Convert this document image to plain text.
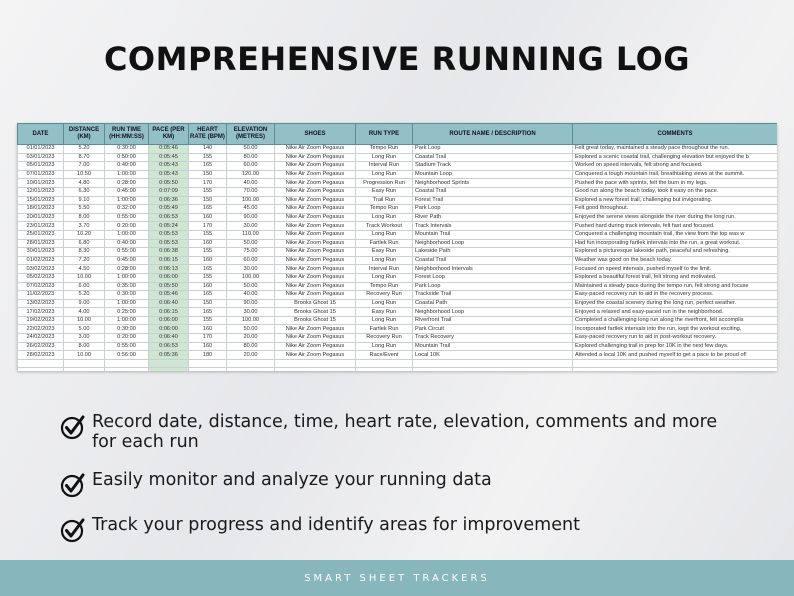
COMPREHENSIVE RUNNING LOG
DATE	DISTANCE (KM)	RUN TIME (HH:MM:SS)	PACE (PER KM)	HEART RATE (BPM)	ELEVATION (METRES)	SHOES	RUN TYPE	ROUTE NAME / DESCRIPTION	COMMENTS
01/01/2023	5.20	0:30:00	0:05:46	140	50.00	Nike Air Zoom Pegasus	Tempo Run	Park Loop	Felt great today, maintained a steady pace throughout the run.
03/01/2023	8.70	0:50:00	0:05:45	155	80.00	Nike Air Zoom Pegasus	Long Run	Coastal Trail	Explored a scenic coastal trail, challenging elevation but enjoyed the b
05/01/2023	7.00	0:40:00	0:05:43	165	60.00	Nike Air Zoom Pegasus	Interval Run	Stadium Track	Worked on speed intervals, felt strong and focused.
07/01/2023	10.50	1:00:00	0:05:43	150	120.00	Nike Air Zoom Pegasus	Long Run	Mountain Loop	Conquered a tough mountain trail, breathtaking views at the summit.
10/01/2023	4.80	0:28:00	0:05:50	170	40.00	Nike Air Zoom Pegasus	Progression Run	Neighborhood Sprints	Pushed the pace with sprints, felt the burn in my legs.
12/01/2023	6.30	0:45:00	0:07:09	155	70.00	Nike Air Zoom Pegasus	Easy Run	Coastal Trail	Good run along the beach today, took it easy on the pace.
15/01/2023	9.10	1:00:00	0:06:36	150	100.00	Nike Air Zoom Pegasus	Trail Run	Forest Trail	Explored a new forest trail, challenging but invigorating.
18/01/2023	5.50	0:32:00	0:05:49	165	45.00	Nike Air Zoom Pegasus	Tempo Run	Park Loop	Felt good throughout.
20/01/2023	8.00	0:55:00	0:06:53	160	90.00	Nike Air Zoom Pegasus	Long Run	River Path	Enjoyed the serene views alongside the river during the long run.
23/01/2023	3.70	0:20:00	0:05:24	170	30.00	Nike Air Zoom Pegasus	Track Workout	Track Intervals	Pushed hard during track intervals, felt fast and focused.
25/01/2023	10.20	1:00:00	0:05:53	155	110.00	Nike Air Zoom Pegasus	Long Run	Mountain Trail	Conquered a challenging mountain trail, the view from the top was w
28/01/2023	6.80	0:40:00	0:05:53	160	50.00	Nike Air Zoom Pegasus	Fartlek Run	Neighborhood Loop	Had fun incorporating fartlek intervals into the run, a great workout.
30/01/2023	8.30	0:55:00	0:06:38	155	75.00	Nike Air Zoom Pegasus	Easy Run	Lakeside Path	Explored a picturesque lakeside path, peaceful and refreshing.
01/02/2023	7.20	0:45:00	0:06:15	160	60.00	Nike Air Zoom Pegasus	Long Run	Coastal Trail	Weather was good on the beach today.
03/02/2023	4.50	0:28:00	0:06:13	165	30.00	Nike Air Zoom Pegasus	Interval Run	Neighborhood Intervals	Focused on speed intervals, pushed myself to the limit.
05/02/2023	10.00	1:00:00	0:06:00	155	100.00	Nike Air Zoom Pegasus	Long Run	Forest Loop	Explored a beautiful forest trail, felt strong and motivated.
07/02/2023	6.00	0:35:00	0:05:50	160	50.00	Nike Air Zoom Pegasus	Tempo Run	Park Loop	Maintained a steady pace during the tempo run, felt strong and focuse
11/02/2023	5.20	0:30:00	0:05:46	165	40.00	Nike Air Zoom Pegasus	Recovery Run	Trackside Trail	Easy-paced recovery run to aid in the recovery process.
13/02/2023	9.00	1:00:00	0:06:40	150	90.00	Brooks Ghost 15	Long Run	Coastal Path	Enjoyed the coastal scenery during the long run, perfect weather.
17/02/2023	4.00	0:25:00	0:06:15	165	30.00	Brooks Ghost 15	Easy Run	Neighborhood Loop	Enjoyed a relaxed and easy-paced run in the neighborhood.
19/02/2023	10.00	1:00:00	0:06:00	155	100.00	Brooks Ghost 15	Long Run	Riverfront Trail	Completed a challenging long run along the riverfront, felt accomplis
22/02/2023	5.00	0:30:00	0:06:00	160	50.00	Nike Air Zoom Pegasus	Fartlek Run	Park Circuit	Incorporated fartlek intervals into the run, kept the workout exciting.
24/02/2023	3.00	0:20:00	0:06:40	170	20.00	Nike Air Zoom Pegasus	Recovery Run	Track Recovery	Easy-paced recovery run to aid in post-workout recovery.
26/02/2023	8.00	0:55:00	0:06:53	160	80.00	Nike Air Zoom Pegasus	Long Run	Mountain Trail	Explored challenging trail in prep for 10K in the next few days.
28/02/2023	10.00	0:56:00	0:05:36	180	20.00	Nike Air Zoom Pegasus	Race/Event	Local 10K	Attended a local 10K and pushed myself to get a pace to be proud of!

Record date, distance, time, heart rate, elevation, comments and more for each run
Easily monitor and analyze your running data
Track your progress and identify areas for improvement
SMART SHEET TRACKERS
